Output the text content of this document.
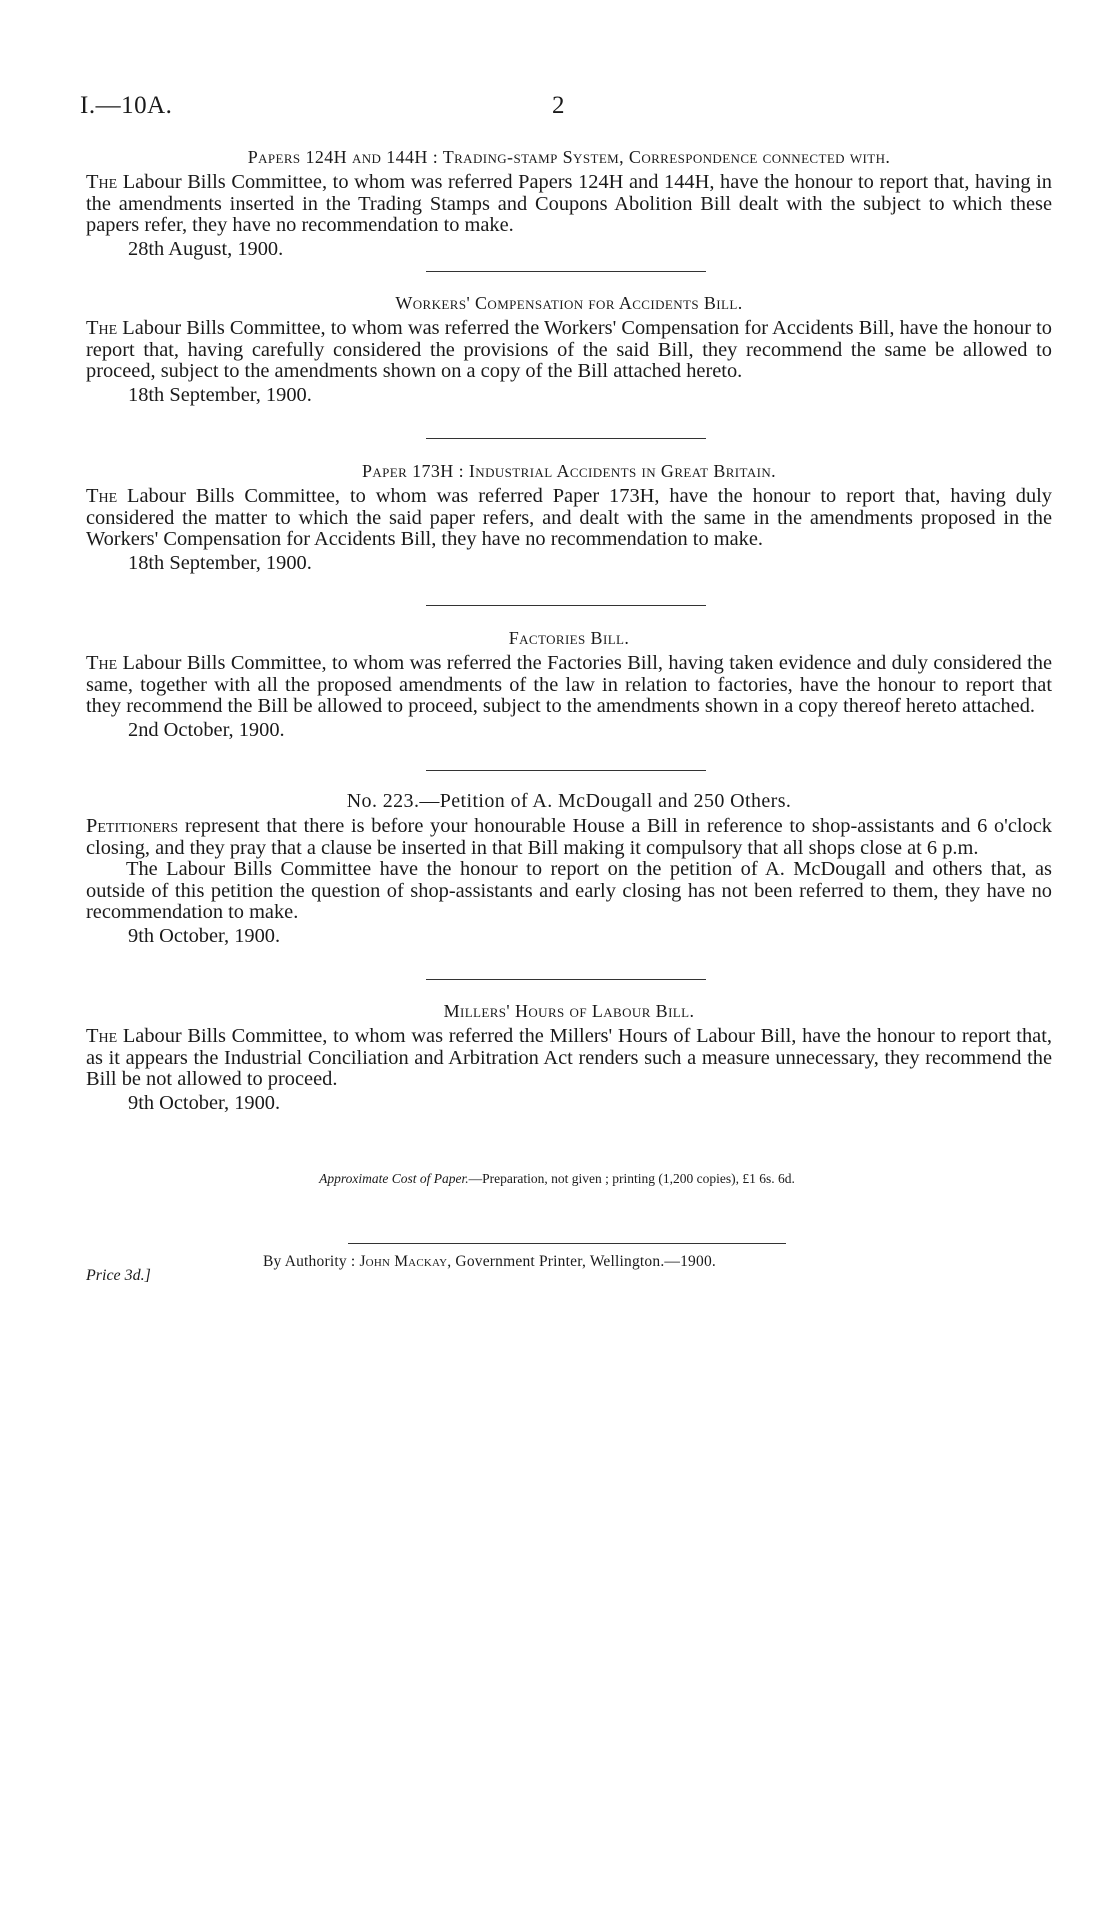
I.—10A.	2
Papers 124H and 144H : Trading-stamp System, Correspondence connected with.

The Labour Bills Committee, to whom was referred Papers 124H and 144H, have the honour to report that, having in the amendments inserted in the Trading Stamps and Coupons Abolition Bill dealt with the subject to which these papers refer, they have no recommendation to make.

28th August, 1900.
Workers' Compensation for Accidents Bill.

The Labour Bills Committee, to whom was referred the Workers' Compensation for Accidents Bill, have the honour to report that, having carefully considered the provisions of the said Bill, they recommend the same be allowed to proceed, subject to the amendments shown on a copy of the Bill attached hereto.

18th September, 1900.
Paper 173H : Industrial Accidents in Great Britain.

The Labour Bills Committee, to whom was referred Paper 173H, have the honour to report that, having duly considered the matter to which the said paper refers, and dealt with the same in the amendments proposed in the Workers' Compensation for Accidents Bill, they have no recommendation to make.

18th September, 1900.
Factories Bill.

The Labour Bills Committee, to whom was referred the Factories Bill, having taken evidence and duly considered the same, together with all the proposed amendments of the law in relation to factories, have the honour to report that they recommend the Bill be allowed to proceed, subject to the amendments shown in a copy thereof hereto attached.

2nd October, 1900.
No. 223.—Petition of A. McDougall and 250 Others.

Petitioners represent that there is before your honourable House a Bill in reference to shop-assistants and 6 o'clock closing, and they pray that a clause be inserted in that Bill making it compulsory that all shops close at 6 p.m.

The Labour Bills Committee have the honour to report on the petition of A. McDougall and others that, as outside of this petition the question of shop-assistants and early closing has not been referred to them, they have no recommendation to make.

9th October, 1900.
Millers' Hours of Labour Bill.

The Labour Bills Committee, to whom was referred the Millers' Hours of Labour Bill, have the honour to report that, as it appears the Industrial Conciliation and Arbitration Act renders such a measure unnecessary, they recommend the Bill be not allowed to proceed.

9th October, 1900.
Approximate Cost of Paper.—Preparation, not given ; printing (1,200 copies), £1 6s. 6d.
By Authority : John Mackay, Government Printer, Wellington.—1900.
Price 3d.]
